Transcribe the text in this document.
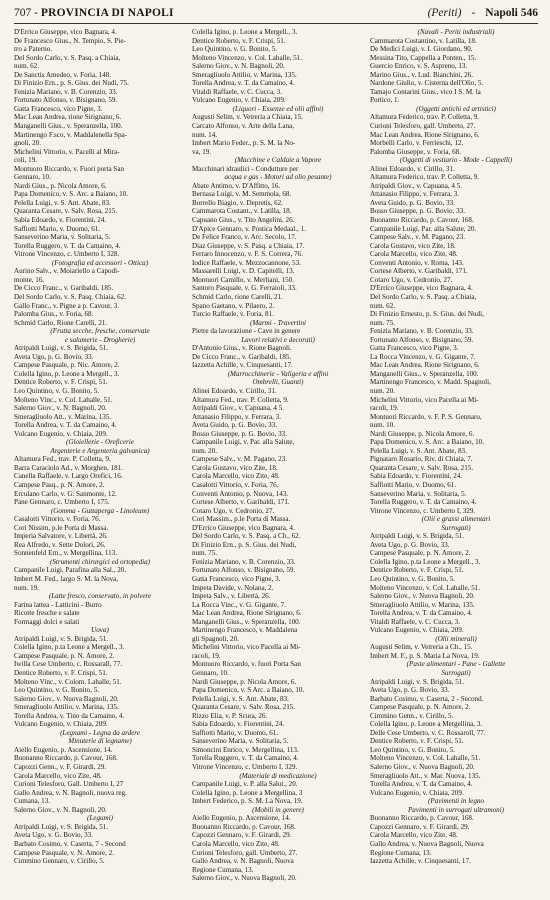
707 - PROVINCIA DI NAPOLI	(Periti) - Napoli 546
D'Errico Giuseppe, vico Bagnara, 4.
De Francesco Gius., N. Tempio, S. Pie-
tro a Paterno.
Del Sordo Carlo, v. S. Pasq. a Chiaia,
num. 62.
De Sanctis Amedeo, v. Foria, 148.
Di Finizio Ern., p. S. Gius. dei Nudi, 75.
Fenizia Mariano, v. B. Corenzio, 33.
Fortunato Alfonso, v. Bisignano, 59.
Gatta Francesco, vico Pigne, 3.
Mac Lean Andrea, rione Sirignano, 6.
Manganelli Gius., v. Speranzella, 100.
Martinengo F.sco, v. Maddalenella Spa-
gnoli, 20.
Michelini Vittorio, v. Pacelli al Mira-
coli, 19.
Montuoro Riccardo, v. Fuori porta San
Gennaro, 10.
Nardi Gius., p. Nicola Amore, 6.
Papa Domenico, v. S. Arc. a Baiano, 10.
Pelella Luigi, v. S. Ant. Abate, 83.
Quaranta Cesare, v. Salv. Rosa, 215.
Sabia Edoardo, v. Fiorentini, 24.
Saffiotti Mario, v. Duomo, 61.
Sanseverino Maria, v. Solitaria, 5.
Torella Ruggero, v. T. da Camaino, 4.
Vitrone Vincenzo, c. Umberto I, 328.
(Fotografia ed accessori - Ottica)
Aurino Salv., v. Moiariello a Capodi-
monte, 16.
De Cicco Franc., v. Garibaldi, 185.
Del Sordo Carlo, v. S. Pasq. Chiaia, 62.
Gallo Franc., v. Pigne a p. Cavour, 3.
Palomba Gius., v. Foria, 68.
Schmid Carlo, Rione Carelli, 21.
(Frutta secche, fresche, conservate
e salumerie - Drogherie)
Atripaldi Luigi, v. S. Brigida, 51.
Aveta Ugo, p. G. Bovio, 33.
Campese Pasquale, p. Nic. Amore, 2.
Colella Igino, p. Leone a Mergell., 3.
Dentice Roberto, v. F. Crispi, 51.
Leo Quintino, v. G. Bonito, 5.
Molteno Vinc., v. Col. Lahalle, 51.
Salerno Giov., v. N. Bagnoli, 20.
Smeragliuolo Att., v. Marina, 135.
Torella Andrea, v. T. da Camaino, 4.
Vulcano Eugenio, v. Chiaia, 209.
(Gioiellerie - Oreficerie
Argenterie e Argenteria galvanica)
Altamura Fed., trav. P. Colletta, 9.
Barra Caraciolo Ad., v. Morghen, 181.
Canella Raffaele, v. Largo Orefici, 16.
Campese Pasq., p. N. Amore, 2.
Erculano Carlo, v. G. Sanmonte, 12.
Pane Gennaro, c. Umberto I, 175.
(Gomma - Guttaperga - Linoleum)
Casalotti Vittorio, v. Foria, 76.
Cori Nissim, p.le Porta di Massa.
Imperia Salvatore, v. Libertà, 26.
Rea Alfredo, v. Sette Dolori, 26.
Sonnenfeld Ern., v. Mergellina, 113.
(Strumenti chirurgici ed ortopedia)
Campanile Luigi, Parafina alla Sal., 20.
Imbert M. Fed., largo S. M. la Nova,
num. 19.
(Latte fresco, conservato, in polvere
Farina lattea - Latticini - Burro
Ricotte fresche e salate
Formaggi dolci e salati
Uova)
Atripaldi Luigi, v. S. Brigida, 51.
Colella Igino, p.ta Leone a Mergell., 3.
Campese Pasquale, p. N. Amore, 2.
Iwilla Cese Umberto, c. Rossarall, 77.
Dentice Roberto, v. F. Crispi, 51.
Molteno Vinc., v. Colom. Lahalle, 51.
Leo Quintino, v. G. Bonito, 5.
Salerno Giov., v. Nuova Bagnoli, 20.
Smeragliuolo Attilio, v. Marina, 135.
Torella Andrea, v. Tino da Camaino, 4.
Vulcano Eugenio, v. Chiaia, 209.
(Legnami - Legna da ardere
Minuterie di legname)
Aiello Eugenio, p. Ascensione, 14.
Buonanno Riccardo, p. Cavour, 168.
Capozzi Genn., v. F. Girardi, 29.
Carola Marcello, vico Zite, 48.
Curioni Telesforo, Gall. Umberto I, 27
Gallo Andrea, v. N. Bagnoli, nuova reg.
Cumana, 13.
Salerno Giov., v. N. Bagnoli, 20.
(Legumi)
Atripaldi Luigi, v. S. Brigida, 51.
Aveta Ugo, v. G. Bovio, 33.
Barbato Cosimo, v. Caserta, 7 - Second
Campese Pasquale, v. N. Amore, 2.
Cimmino Gennaro, v. Cirillo, 5.
Colella Igino, p. Leone a Mergell., 3.
Dentice Roberto, v. F. Crispi, 51.
Leo Quintino, v. G. Bonito, 5.
Molteno Vincenzo, v. Col. Lahalle, 51.
Salerno Giov., v. N. Bagnoli, 20.
Smeragliuolo Attilio, v. Marina, 135.
Torella Andrea, v. T. da Camaino, 4.
Vitaldi Raffaele, v. C. Cucca, 3.
Vulcano Eugenio, v. Chiaia, 209.
(Liquori - Essenze ed olii affini)
Augusti Selim, v. Vetreria a Chiaia, 15.
Carcato Alfonso, v. Arte della Lana,
num. 14.
Imbert Mario Feder., p. S. M. la No-
va, 19.
(Macchine e Caldaie a Vapore
Macchinari idraulici - Condutture per
acqua e gas - Motori ad olio pesante)
Abate Antimo, v. D'Affitto, 16.
Bernasa Luigi, v. M. Semmola, 68.
Borrello Biagio, v. Depretis, 62.
Cammarota Costant., v. Latilla, 18.
Capuano Gius., v. Tito Angelini, 26.
D'Apice Gennaro, v. Postica Medaal., 1.
De Felice Franco, v. Arc. Secolo, 17.
Diaz Giuseppe, v. S. Pasq. a Chiaia, 17.
Ferraro Innocenzo, v. F. S. Correra, 76.
Iodice Raffaele, v. Mezzocannone, 53.
Massarelli Luigi, v. D. Capitelli, 13.
Montuori Camillo, v. Merliani, 150.
Santoro Pasquale, v. G. Ferraioli, 33.
Schmid Carlo, rione Carelli, 21.
Spano Gaetano, v. Pilaero, 2.
Turcio Raffaele, v. Foria, 81.
(Marmi - Travertini
Pietre da lavorazione - Cave in genere
Lavori relativi e decorati)
D'Antonio Gius., v. Rione Bagnoli.
De Cicco Franc., v. Garibaldi, 185.
Iazzetta Achille, v. Cinquesanti, 17.
(Marrocchinerie - Valigeria e affini
Ombrelli, Guanti)
Alinei Edoardo, v. Cirillo, 31.
Altamura Fed., trav. P. Colletta, 9.
Atripaldi Giov., v. Capuana, 4 5.
Attanasio Filippo, v. Ferrara, 3.
Aveta Guido, p. G. Bovio, 33.
Bosso Giuseppe, p. G. Bovio, 33.
Campanile Luigi, v. Par. alla Salute,
num. 20.
Campese Salv., v. M. Pagano, 23.
Carola Gustavo, vico Zite, 18.
Carola Marcello, vico Zite, 48.
Casalotti Vittorio, v. Foria, 76.
Conventi Antonio, p. Nuova, 143.
Cortese Alberto, v. Garibaldi, 171.
Cotaro Ugo, v. Cedronio, 27.
Cori Massim., p.le Porta di Massa.
D'Errico Giuseppe, vico Bagnara, 4.
Del Sordo Carlo, v. S. Pasq. a Ch., 62.
Di Finizio Ern., p. S. Gius. dei Nudi,
num. 75.
Fenizia Mariano, v. B. Corenzio, 33.
Fortunato Alfonso, v. Bisignano, 59.
Gatta Francesco, vico Pigne, 3.
Impeta Davide, v. Nolana, 2.
Impeta Salv., v. Libertà, 26.
La Rocca Vinc., v. G. Gigante, 7.
Mac Lean Andrea, Rione Sirignano, 6.
Manganelli Gius., v. Speranzella, 100.
Martinengo Francesco, v. Maddalena
gli Spagnoli, 20.
Michelini Vittorio, vico Pacella ai Mi-
racoli, 19.
Montuoro Riccardo, v. fuori Porta San
Gennaro, 10.
Nardi Giuseppe, p. Nicola Amore, 6.
Papa Domenico, v. S Arc. a Baiano, 10.
Pelella Luigi, v. S. Ant. Abate, 83.
Quaranta Cesare, v. Salv. Rosa, 215.
Rizzo Elia, v. P. Scura, 26.
Sabia Edoardo, v. Fiorentini, 24.
Saffiotti Mario, v. Duomo, 61.
Sanseverino Maria, v. Solitaria, 5.
Simoncini Enrico, v. Mergellina, 113.
Torella Ruggero, v. T. da Camaino, 4.
Vitrone Vincenzo, c. Umberto I, 329.
(Materiale di medicazione)
Campanile Luigi, v. P. alla Salut., 20.
Colella Igino, p. Leone a Mergellina, 3
Imbert Federico, p. S. M. La Nova, 19.
(Mobili in genere)
Aiello Eugenio, p. Ascensione, 14.
Buonanno Riccardo, p. Cavour, 168.
Capozzi Gennaro, v. F. Girardi, 29.
Carola Marcello, vico Zite, 48.
Curioni Telesforo, gall. Umberto, 27.
Gallo Andrea, v. N. Bagnoli, Nuova
Regione Cumana, 13.
Salerno Giov., v. Nuova Bagnoli, 20.
(Navali - Periti industriali)
Cammarota Costantino, v. Latilla, 18.
De Medici Luigi, v. I. Giordano, 90.
Messina Tito, Cappella a Ponten., 15.
Guercio Enrico, v. S. Aspreno, 13.
Marino Gius., v. Lud. Bianchini, 26.
Nardone Giulio, v. Cisterna dell'Olio, 5.
Tamajo Contarini Gius., vico I S. M. la
Portico, 1.
(Oggetti antichi ed artistici)
Altamura Federico, trav. P. Colletta, 9.
Curioni Telesforo, gall. Umberto, 27.
Mac Lean Andrea, Rione Sirignano, 6.
Morbelli Carlo, v. Ferrieschi, 12.
Palomba Giuseppe, v. Foria, 68.
(Oggetti di vestiario - Mode - Cappelli)
Alinei Edoardo, v. Cirillo, 31.
Altamura Federico, trav. P. Colletta, 9.
Atripaldi Giov., v. Capuana, 4 5.
Attanasio Filippo, v. Ferrara, 3.
Aveta Guido, p. G. Bovio, 33.
Bosso Giuseppe, p. G. Bovio, 33.
Buonanno Riccardo, p. Cavour, 168.
Campanile Luigi, Par. alla Salute, 20.
Campese Salv., v. M. Pagano, 23.
Carola Gustavo, vico Zite, 18.
Carola Marcello, vico Zite, 48.
Conventi Antonio, v. Roma, 143.
Cortese Alberto, v. Garibaldi, 171.
Cotaro Ugo, v. Cedronio, 27.
D'Errico Giuseppe, vico Bagnara, 4.
Del Sordo Carlo, v. S. Pasq. a Chiaia,
num. 62.
Di Finizio Ernesto, p. S. Gius. dei Nudi,
num. 75.
Fenizia Mariano, v. B. Corenzio, 33.
Fortunato Alfonso, v. Bisignano, 59.
Gatta Francesco, vico Pigne, 3.
La Rocca Vincenzo, v. G. Gigante, 7.
Mac Lean Andrea, Rione Sirignano, 6.
Manganelli Gius., v. Speranzella, 100.
Martinengo Francesco, v. Madd. Spagnoli,
num. 20.
Michelini Vittorio, vico Pacella ai Mi-
racoli, 19.
Montuori Riccardo, v. F. P. S. Gennaro,
num. 10.
Nardi Giuseppe, p. Nicola Amore, 6.
Papa Domenico, v. S. Arc. a Baiano, 10.
Pelella Luigi, v. S. Ant. Abate, 83.
Pignataro Rosario, Riv. di Chiaia, 7.
Quaranta Cesare, v. Salv. Rosa, 215.
Sabia Edoardo, v. Fiorentini, 24.
Saffiotti Mario, v. Duomo, 61.
Sanseverino Maria, v. Solitaria, 5.
Torella Ruggero, v. T. da Camaino, 4.
Vitrone Vincenzo, c. Umberto I, 329.
(Olii e grassi alimentari
Surrogati)
Atripaldi Luigi, v. S. Brigida, 51.
Aveta Ugo, p. G. Bovio, 33.
Campese Pasquale, p. N. Amore, 2.
Colella Igino, p.ta Leone a Mergell., 3.
Dentice Roberto, v. F. Crispi, 51.
Leo Quintino, v. G. Bonito, 5.
Molteno Vincenzo, v. Col. Lahalle, 51.
Salerno Giov., v. Nuova Bagnoli, 20.
Smeragliuolo Attilio, v. Marina, 135.
Torella Andrea, v. T. da Camaino, 4.
Vitaldi Raffaele, v. C. Cucca, 3.
Vulcano Eugenio, v. Chiaia, 209.
(Olii minerali)
Augusti Selim, v. Vetreria a Ch., 15.
Imbert M. F., p. S. Maria La Nova, 19.
(Paste alimentari - Pane - Gallette
Surrogati)
Atripaldi Luigi, v. S. Brigida, 51.
Aveta Ugo, p. G. Bovio, 33.
Barbato Cosimo, v. Caserta, 2 - Second.
Campese Pasquale, p. N. Amore, 2.
Cimmino Genn., v. Cirillo, 5.
Colella Igino, p. Leone a Mergellina, 3.
Delle Cese Umberto, v. C. Rossaroll, 77.
Dentice Roberto, v. F. Crispi, 51.
Leo Quintino, v. G. Bonito, 5.
Molteno Vincenzo, v. Col. Lahalle, 51.
Salerno Giov., v. Nuova Bagnoli, 20.
Smeragliuolo Att., v. Mar. Nuova, 135.
Torella Andrea, v. T. da Camaino, 4.
Vulcano Eugenio, v. Chiaia, 209.
(Pavimenti in legno
Pavimenti in surrogati ultramoni)
Buonanno Riccardo, p. Cavour, 168.
Capozzi Gennaro, v. F. Girardi, 29.
Carola Marcello, vico Zite, 48.
Gallo Andrea, v. Nuova Bagnoli, Nuova
Regione Cumana, 13.
Iazzetta Achille, v. Cinquesanti, 17.
